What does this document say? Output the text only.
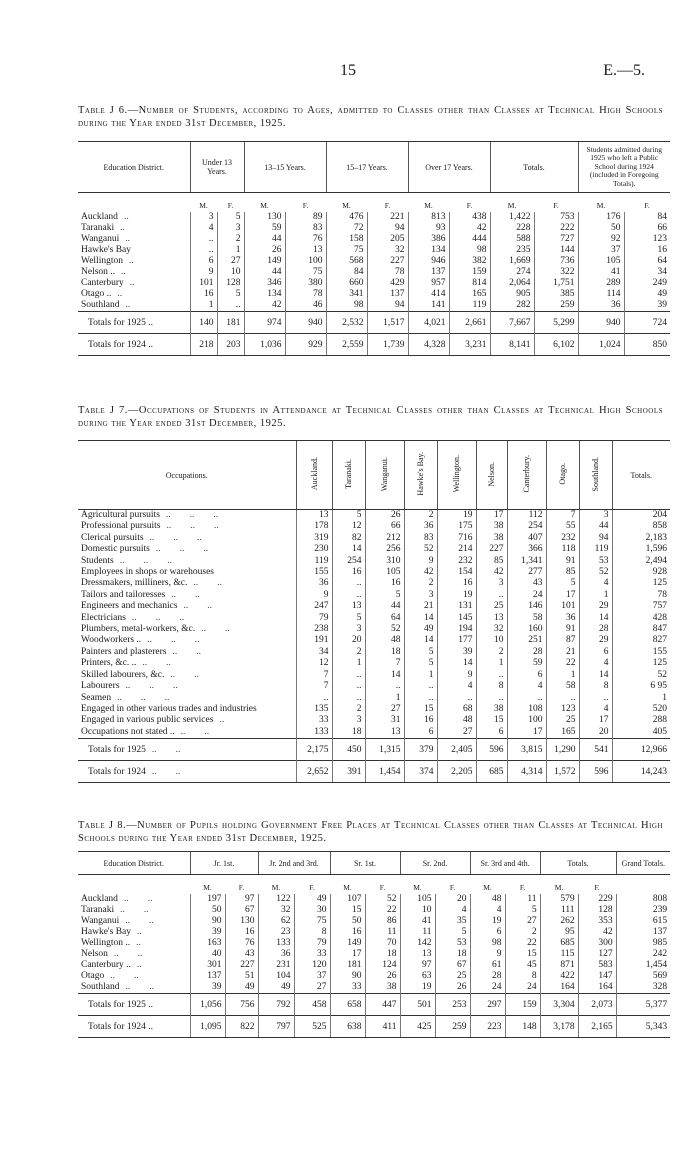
15	E.—5.

Table J 6.—Number of Students, according to Ages, admitted to Classes other than Classes at Technical High Schools during the Year ended 31st December, 1925.

Education District.	Under 13 Years.		13–15 Years.		15–17 Years.		Over 17 Years.		Totals.		Students admitted during 1925 who left a Public School during 1924 (included in Foregoing Totals).	

	M.	F.	M.	F.	M.	F.	M.	F.	M.	F.	M.	F.
Auckland ..	3	5	130	89	476	221	813	438	1,422	753	176	84
Taranaki ..	4	3	59	83	72	94	93	42	228	222	50	66
Wanganui ..	..	2	44	76	158	205	386	444	588	727	92	123
Hawke's Bay	..	1	26	13	75	32	134	98	235	144	37	16
Wellington ..	6	27	149	100	568	227	946	382	1,669	736	105	64
Nelson .. ..	9	10	44	75	84	78	137	159	274	322	41	34
Canterbury ..	101	128	346	380	660	429	957	814	2,064	1,751	289	249
Otago .. ..	16	5	134	78	341	137	414	165	905	385	114	49
Southland ..	1	..	42	46	98	94	141	119	282	259	36	39
Totals for 1925 ..	140	181	974	940	2,532	1,517	4,021	2,661	7,667	5,299	940	724
Totals for 1924 ..	218	203	1,036	929	2,559	1,739	4,328	3,231	8,141	6,102	1,024	850

Table J 7.—Occupations of Students in Attendance at Technical Classes other than Classes at Technical High Schools during the Year ended 31st December, 1925.

Occupations.	Auckland.	Taranaki.	Wanganui.	Hawke's Bay.	Wellington.	Nelson.	Canterbury.	Otago.	Southland.	Totals.
Agricultural pursuits ..        ..        ..	13	5	26	2	19	17	112	7	3	204
Professional pursuits ..        ..        ..	178	12	66	36	175	38	254	55	44	858
Clerical pursuits ..        ..        ..	319	82	212	83	716	38	407	232	94	2,183
Domestic pursuits ..        ..        ..	230	14	256	52	214	227	366	118	119	1,596
Students ..        ..        ..	119	254	310	9	232	85	1,341	91	53	2,494
Employees in shops or warehouses	155	16	105	42	154	42	277	85	52	928
Dressmakers, milliners, &c. ..        ..	36	..	16	2	16	3	43	5	4	125
Tailors and tailoresses ..        ..	9	..	5	3	19	..	24	17	1	78
Engineers and mechanics ..        ..	247	13	44	21	131	25	146	101	29	757
Electricians ..        ..        ..	79	5	64	14	145	13	58	36	14	428
Plumbers, metal-workers, &c. ..        ..	238	3	52	49	194	32	160	91	28	847
Woodworkers .. ..        ..        ..	191	20	48	14	177	10	251	87	29	827
Painters and plasterers ..        ..	34	2	18	5	39	2	28	21	6	155
Printers, &c. .. ..        ..	12	1	7	5	14	1	59	22	4	125
Skilled labourers, &c. ..        ..	7	..	14	1	9	..	6	1	14	52
Labourers ..        ..        ..	7	..	..	..	4	8	4	58	8	6 95
Seamen ..        ..        ..	..	..	1	..	..	..	..	..	..	1
Engaged in other various trades and industries	135	2	27	15	68	38	108	123	4	520
Engaged in various public services ..	33	3	31	16	48	15	100	25	17	288
Occupations not stated .. ..        ..	133	18	13	6	27	6	17	165	20	405
Totals for 1925 ..        ..	2,175	450	1,315	379	2,405	596	3,815	1,290	541	12,966
Totals for 1924 ..        ..	2,652	391	1,454	374	2,205	685	4,314	1,572	596	14,243

Table J 8.—Number of Pupils holding Government Free Places at Technical Classes other than Classes at Technical High Schools during the Year ended 31st December, 1925.

Education District.	Jr. 1st.		Jr. 2nd and 3rd.		Sr. 1st.		Sr. 2nd.		Sr. 3rd and 4th.		Totals.		Grand Totals.

	M.	F.	M.	F.	M.	F.	M.	F.	M.	F.	M.	F.	
Auckland ..        ..	197	97	122	49	107	52	105	20	48	11	579	229	808
Taranaki ..        ..	50	67	32	30	15	22	10	4	4	5	111	128	239
Wanganui ..        ..	90	130	62	75	50	86	41	35	19	27	262	353	615
Hawke's Bay ..	39	16	23	8	16	11	11	5	6	2	95	42	137
Wellington .. ..	163	76	133	79	149	70	142	53	98	22	685	300	985
Nelson ..        ..	40	43	36	33	17	18	13	18	9	15	115	127	242
Canterbury .. ..	301	227	231	120	181	124	97	67	61	45	871	583	1,454
Otago ..        ..	137	51	104	37	90	26	63	25	28	8	422	147	569
Southland ..        ..	39	49	49	27	33	38	19	26	24	24	164	164	328
Totals for 1925 ..	1,056	756	792	458	658	447	501	253	297	159	3,304	2,073	5,377
Totals for 1924 ..	1,095	822	797	525	638	411	425	259	223	148	3,178	2,165	5,343
